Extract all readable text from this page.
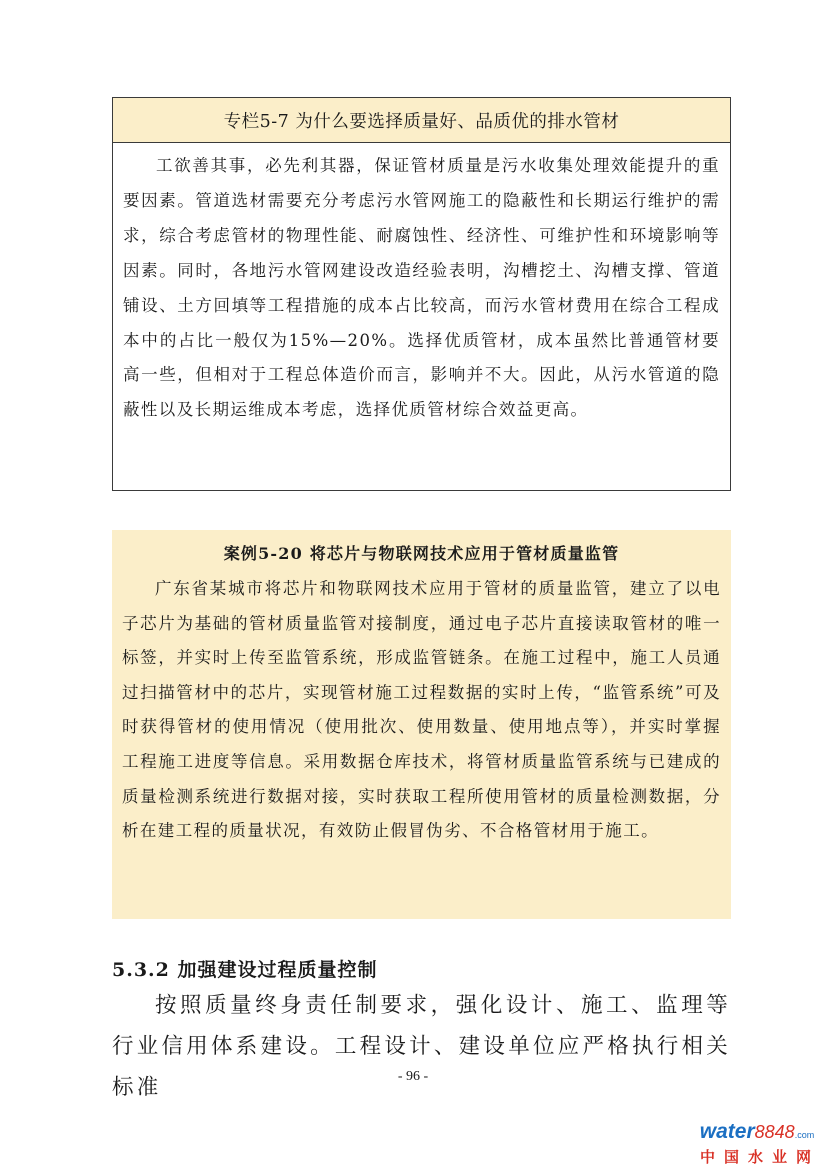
专栏5-7 为什么要选择质量好、品质优的排水管材
工欲善其事，必先利其器，保证管材质量是污水收集处理效能提升的重要因素。管道选材需要充分考虑污水管网施工的隐蔽性和长期运行维护的需求，综合考虑管材的物理性能、耐腐蚀性、经济性、可维护性和环境影响等因素。同时，各地污水管网建设改造经验表明，沟槽挖土、沟槽支撑、管道铺设、土方回填等工程措施的成本占比较高，而污水管材费用在综合工程成本中的占比一般仅为15%—20%。选择优质管材，成本虽然比普通管材要高一些，但相对于工程总体造价而言，影响并不大。因此，从污水管道的隐蔽性以及长期运维成本考虑，选择优质管材综合效益更高。
案例5-20 将芯片与物联网技术应用于管材质量监管
广东省某城市将芯片和物联网技术应用于管材的质量监管，建立了以电子芯片为基础的管材质量监管对接制度，通过电子芯片直接读取管材的唯一标签，并实时上传至监管系统，形成监管链条。在施工过程中，施工人员通过扫描管材中的芯片，实现管材施工过程数据的实时上传，“监管系统”可及时获得管材的使用情况（使用批次、使用数量、使用地点等），并实时掌握工程施工进度等信息。采用数据仓库技术，将管材质量监管系统与已建成的质量检测系统进行数据对接，实时获取工程所使用管材的质量检测数据，分析在建工程的质量状况，有效防止假冒伪劣、不合格管材用于施工。
5.3.2 加强建设过程质量控制
按照质量终身责任制要求，强化设计、施工、监理等行业信用体系建设。工程设计、建设单位应严格执行相关标准	- 96 -
water8848.com
中国水业网
